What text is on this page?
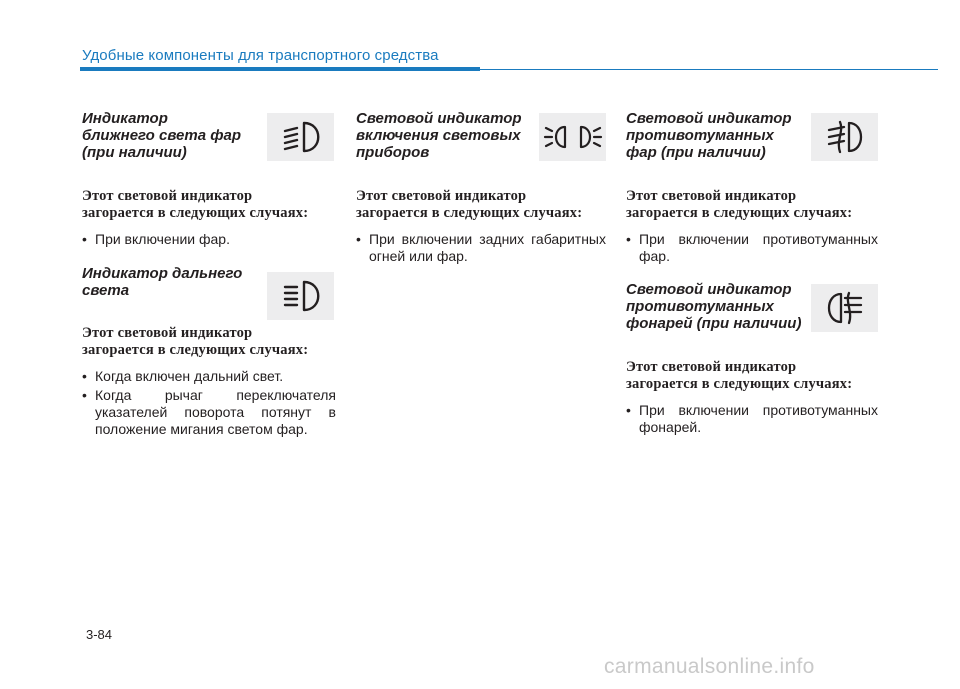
Удобные компоненты для транспортного средства
Индикатор
ближнего света фар
(при наличии)
Этот световой индикатор
загорается в следующих случаях:
• При включении фар.
Индикатор дальнего
света
Этот световой индикатор
загорается в следующих случаях:
• Когда включен дальний свет.
• Когда рычаг переключателя указателей поворота потянут в положение мигания светом фар.
Световой индикатор
включения световых
приборов
Этот световой индикатор
загорается в следующих случаях:
• При включении задних габаритных огней или фар.
Световой индикатор
противотуманных
фар (при наличии)
Этот световой индикатор
загорается в следующих случаях:
• При включении противотуманных фар.
Световой индикатор
противотуманных
фонарей (при наличии)
Этот световой индикатор
загорается в следующих случаях:
• При включении противотуманных фонарей.
3-84
carmanualsonline.info
